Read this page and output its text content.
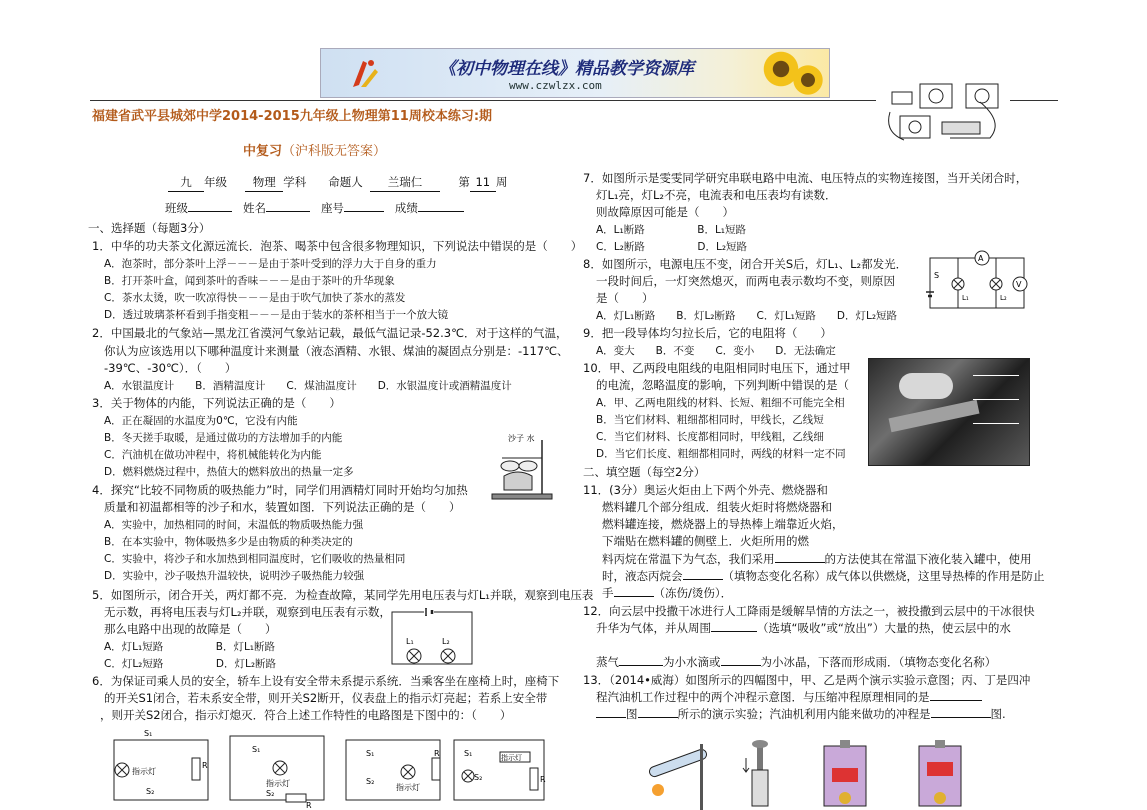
《初中物理在线》精品教学资源库
www.czwlzx.com
福建省武平县城郊中学2014-2015九年级上物理第11周校本练习:期
中复习（沪科版无答案）
九 年级 物理 学科 命题人 兰瑞仁	第 11 周
班级	姓名	座号	成绩
一、选择题（每题3分）
1．中华的功夫茶文化源远流长．泡茶、喝茶中包含很多物理知识，下列说法中错误的是（　　）
A．泡茶时，部分茶叶上浮－－－是由于茶叶受到的浮力大于自身的重力
B．打开茶叶盒，闻到茶叶的香味－－－是由于茶叶的升华现象
C．茶水太烫，吹一吹凉得快－－－是由于吹气加快了茶水的蒸发
D．透过玻璃茶杯看到手指变粗－－－是由于装水的茶杯相当于一个放大镜
2．中国最北的气象站—黑龙江省漠河气象站记载，最低气温记录-52.3℃．对于这样的气温，
你认为应该选用以下哪种温度计来测量（液态酒精、水银、煤油的凝固点分别是：-117℃、
-39℃、-30℃）．（　　）
A．水银温度计　　B．酒精温度计　　C．煤油温度计　　D．水银温度计或酒精温度计
3．关于物体的内能，下列说法正确的是（　　）
A．正在凝固的水温度为0℃，它没有内能
B．冬天搓手取暖，是通过做功的方法增加手的内能
C．汽油机在做功冲程中，将机械能转化为内能
D．燃料燃烧过程中，热值大的燃料放出的热量一定多
沙子 水
4．探究“比较不同物质的吸热能力”时，同学们用酒精灯同时开始均匀加热
质量和初温都相等的沙子和水，装置如图．下列说法正确的是（　　）
A．实验中，加热相同的时间，末温低的物质吸热能力强
B．在本实验中，物体吸热多少是由物质的种类决定的
C．实验中，将沙子和水加热到相同温度时，它们吸收的热量相同
D．实验中，沙子吸热升温较快，说明沙子吸热能力较强
5．如图所示，闭合开关，两灯都不亮．为检查故障，某同学先用电压表与灯L₁并联，观察到电压表
无示数，再将电压表与灯L₂并联，观察到电压表有示数，
那么电路中出现的故障是（　　）
A．灯L₁短路　　　　　B．灯L₁断路
C．灯L₂短路　　　　　D．灯L₂断路
L₁	L₂
6．为保证司乘人员的安全，轿车上设有安全带未系提示系统．当乘客坐在座椅上时，座椅下
的开关S1闭合，若未系安全带，则开关S2断开，仪表盘上的指示灯亮起；若系上安全带
，则开关S2闭合，指示灯熄灭．符合上述工作特性的电路图是下图中的：（　　）
S₁
指示灯
R
S₂
S₁
指示灯
S₂
R
S₁
S₂
指示灯
R	S₁
S₂
指示灯
R
7．如图所示是雯雯同学研究串联电路中电流、电压特点的实物连接图，当开关闭合时，
灯L₁亮，灯L₂不亮，电流表和电压表均有读数．
则故障原因可能是（　　）
A．L₁断路　　　　　B．L₁短路
C．L₂断路　　　　　D．L₂短路
8．如图所示，电源电压不变，闭合开关S后，灯L₁、L₂都发光．
一段时间后，一灯突然熄灭，而两电表示数均不变，则原因
是（　　）
A．灯L₁断路　　B．灯L₂断路　　C．灯L₁短路　　D．灯L₂短路
A
V
L₁	L₂
S
9．把一段导体均匀拉长后，它的电阻将（　　）
A．变大　　B．不变　　C．变小　　D．无法确定
10．甲、乙两段电阻线的电阻相同时电压下，通过甲
的电流，忽略温度的影响，下列判断中错误的是（
A．甲、乙两电阻线的材料、长短、粗细不可能完全相
B．当它们材料、粗细都相同时，甲线长，乙线短
C．当它们材料、长度都相同时，甲线粗，乙线细
D．当它们长度、粗细都相同时，两线的材料一定不同
二、填空题（每空2分）
11．(3分）奥运火炬由上下两个外壳、燃烧器和
燃料罐几个部分组成．组装火炬时将燃烧器和
燃料罐连接，燃烧器上的导热棒上端靠近火焰，
下端贴在燃料罐的侧壁上．火炬所用的燃
料丙烷在常温下为气态，我们采用	的方法使其在常温下液化装入罐中，使用
时，液态丙烷会	（填物态变化名称）成气体以供燃烧，这里导热棒的作用是防止
手	（冻伤/烫伤）．
12．向云层中投撒干冰进行人工降雨是缓解旱情的方法之一，被投撒到云层中的干冰很快
升华为气体，并从周围	（选填“吸收”或“放出”）大量的热，使云层中的水
蒸气	为小水滴或	为小冰晶，下落而形成雨．（填物态变化名称）
13．（2014•威海）如图所示的四幅图中，甲、乙是两个演示实验示意图；丙、丁是四冲
程汽油机工作过程中的两个冲程示意图．与压缩冲程原理相同的是
图	所示的演示实验；汽油机利用内能来做功的冲程是	图.
